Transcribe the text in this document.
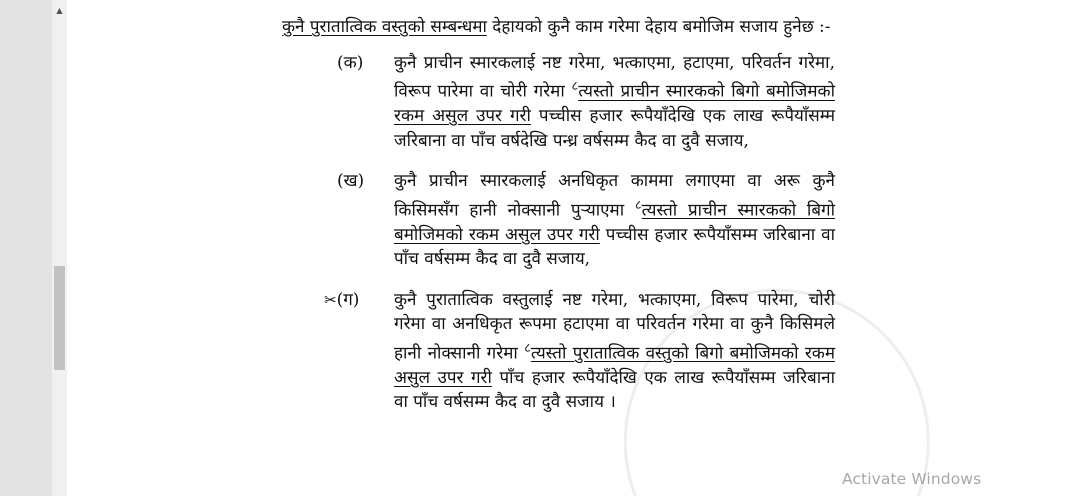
▲

कुनै पुरातात्विक वस्तुको सम्बन्धमा देहायको कुनै काम गरेमा देहाय बमोजिम सजाय हुनेछ :-

(क)	कुनै प्राचीन स्मारकलाई नष्ट गरेमा, भत्काएमा, हटाएमा, परिवर्तन गरेमा, विरूप पारेमा वा चोरी गरेमा $^८$त्यस्तो प्राचीन स्मारकको बिगो बमोजिमको रकम असुल उपर गरी पच्चीस हजार रूपैयाँदेखि एक लाख रूपैयाँसम्म जरिबाना वा पाँच वर्षदेखि पन्ध्र वर्षसम्म कैद वा दुवै सजाय,

(ख)	कुनै प्राचीन स्मारकलाई अनधिकृत काममा लगाएमा वा अरू कुनै किसिमसँग हानी नोक्सानी पुऱ्याएमा $^८$त्यस्तो प्राचीन स्मारकको बिगो बमोजिमको रकम असुल उपर गरी पच्चीस हजार रूपैयाँसम्म जरिबाना वा पाँच वर्षसम्म कैद वा दुवै सजाय,

✂(ग)	कुनै पुरातात्विक वस्तुलाई नष्ट गरेमा, भत्काएमा, विरूप पारेमा, चोरी गरेमा वा अनधिकृत रूपमा हटाएमा वा परिवर्तन गरेमा वा कुनै किसिमले हानी नोक्सानी गरेमा $^८$त्यस्तो पुरातात्विक वस्तुको बिगो बमोजिमको रकम असुल उपर गरी पाँच हजार रूपैयाँदेखि एक लाख रूपैयाँसम्म जरिबाना वा पाँच वर्षसम्म कैद वा दुवै सजाय ।

Activate Windows
